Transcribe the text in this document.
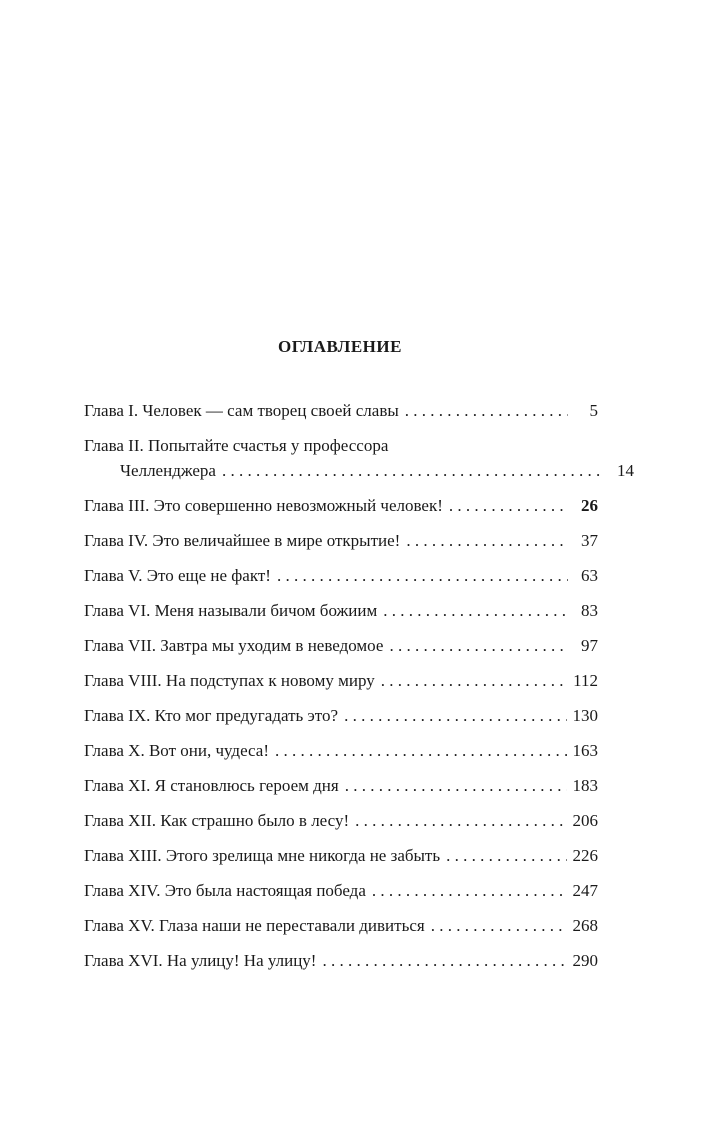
ОГЛАВЛЕНИЕ
Глава I. Человек — сам творец своей славы . . .	5
Глава II. Попытайте счастья у профессора
Челленджера . . .	14
Глава III. Это совершенно невозможный человек! . . .	26
Глава IV. Это величайшее в мире открытие! . . .	37
Глава V. Это еще не факт! . . .	63
Глава VI. Меня называли бичом божиим . . .	83
Глава VII. Завтра мы уходим в неведомое . . .	97
Глава VIII. На подступах к новому миру . . .	112
Глава IX. Кто мог предугадать это? . . .	130
Глава X. Вот они, чудеса! . . .	163
Глава XI. Я становлюсь героем дня . . .	183
Глава XII. Как страшно было в лесу! . . .	206
Глава XIII. Этого зрелища мне никогда не забыть . . .	226
Глава XIV. Это была настоящая победа . . .	247
Глава XV. Глаза наши не переставали дивиться . . .	268
Глава XVI. На улицу! На улицу! . . .	290
